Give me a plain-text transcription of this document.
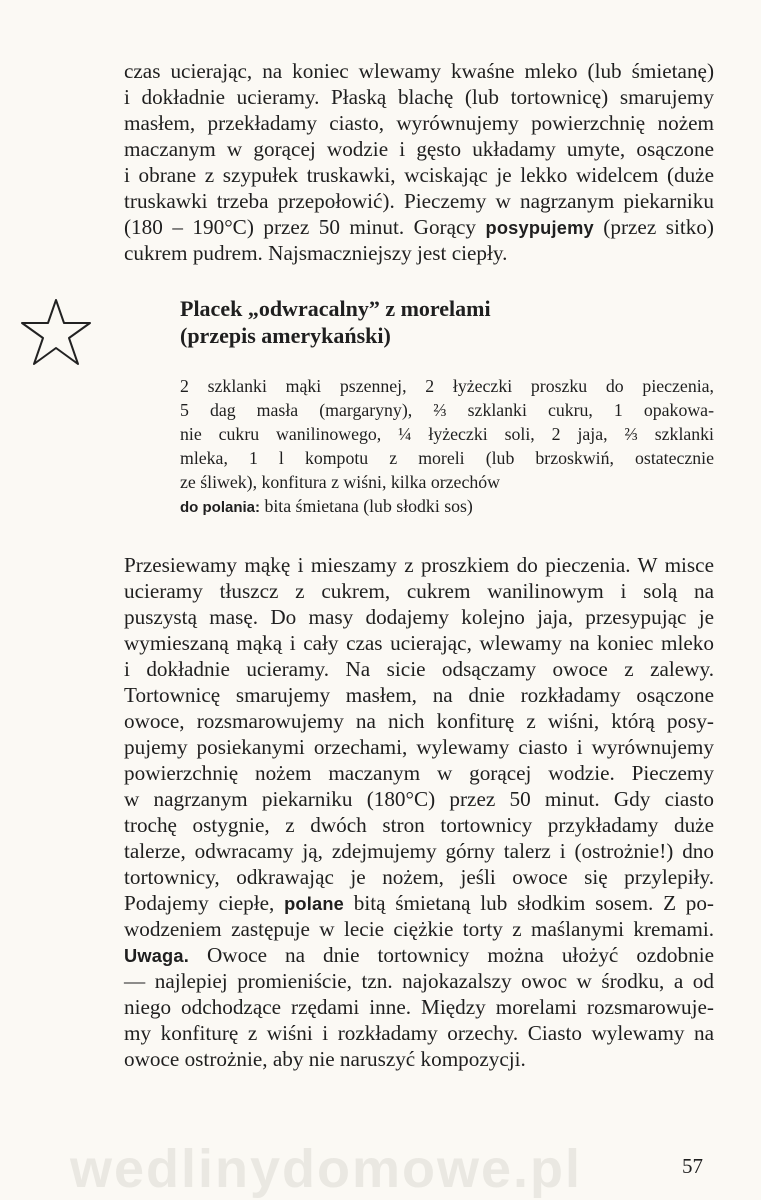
czas ucierając, na koniec wlewamy kwaśne mleko (lub śmietanę)
i dokładnie ucieramy. Płaską blachę (lub tortownicę) smarujemy
masłem, przekładamy ciasto, wyrównujemy powierzchnię nożem
maczanym w gorącej wodzie i gęsto układamy umyte, osączone
i obrane z szypułek truskawki, wciskając je lekko widelcem (duże
truskawki trzeba przepołowić). Pieczemy w nagrzanym piekarniku
(180 – 190°C) przez 50 minut. Gorący posypujemy (przez sitko)
cukrem pudrem. Najsmaczniejszy jest ciepły.
Placek „odwracalny” z morelami
(przepis amerykański)
2 szklanki mąki pszennej, 2 łyżeczki proszku do pieczenia,
5 dag masła (margaryny), ⅔ szklanki cukru, 1 opakowa-
nie cukru wanilinowego, ¼ łyżeczki soli, 2 jaja, ⅔ szklanki
mleka, 1 l kompotu z moreli (lub brzoskwiń, ostatecznie
ze śliwek), konfitura z wiśni, kilka orzechów
do polania: bita śmietana (lub słodki sos)
Przesiewamy mąkę i mieszamy z proszkiem do pieczenia. W misce
ucieramy tłuszcz z cukrem, cukrem wanilinowym i solą na
puszystą masę. Do masy dodajemy kolejno jaja, przesypując je
wymieszaną mąką i cały czas ucierając, wlewamy na koniec mleko
i dokładnie ucieramy. Na sicie odsączamy owoce z zalewy.
Tortownicę smarujemy masłem, na dnie rozkładamy osączone
owoce, rozsmarowujemy na nich konfiturę z wiśni, którą posy-
pujemy posiekanymi orzechami, wylewamy ciasto i wyrównujemy
powierzchnię nożem maczanym w gorącej wodzie. Pieczemy
w nagrzanym piekarniku (180°C) przez 50 minut. Gdy ciasto
trochę ostygnie, z dwóch stron tortownicy przykładamy duże
talerze, odwracamy ją, zdejmujemy górny talerz i (ostrożnie!) dno
tortownicy, odkrawając je nożem, jeśli owoce się przylepiły.
Podajemy ciepłe, polane bitą śmietaną lub słodkim sosem. Z po-
wodzeniem zastępuje w lecie ciężkie torty z maślanymi kremami.
Uwaga. Owoce na dnie tortownicy można ułożyć ozdobnie
— najlepiej promieniście, tzn. najokazalszy owoc w środku, a od
niego odchodzące rzędami inne. Między morelami rozsmarowuje-
my konfiturę z wiśni i rozkładamy orzechy. Ciasto wylewamy na
owoce ostrożnie, aby nie naruszyć kompozycji.
wedlinydomowe.pl	57
